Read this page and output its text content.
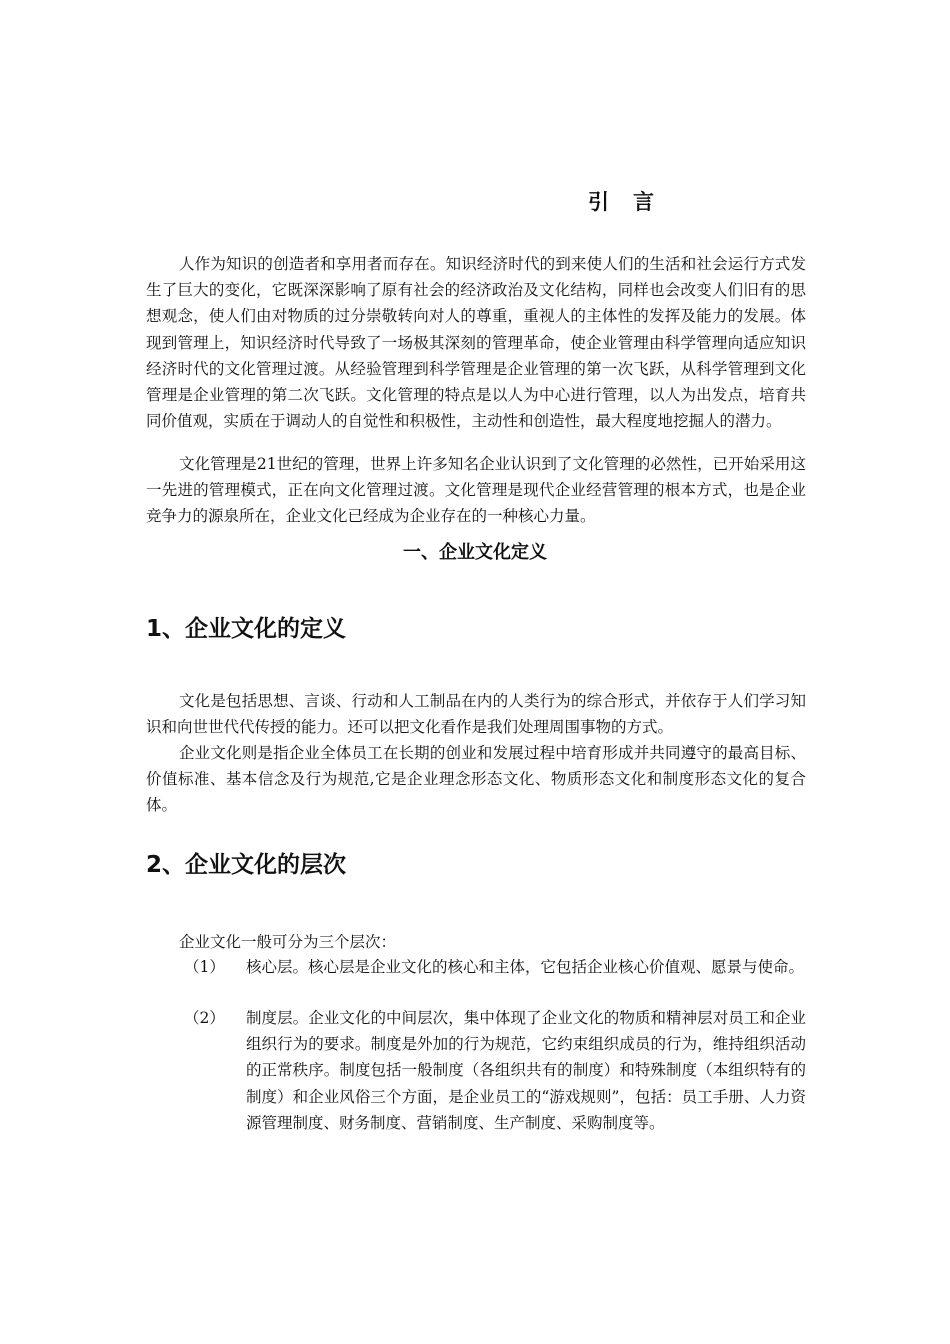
引言

人作为知识的创造者和享用者而存在。知识经济时代的到来使人们的生活和社会运行方式发生了巨大的变化，它既深深影响了原有社会的经济政治及文化结构，同样也会改变人们旧有的思想观念，使人们由对物质的过分崇敬转向对人的尊重，重视人的主体性的发挥及能力的发展。体现到管理上，知识经济时代导致了一场极其深刻的管理革命，使企业管理由科学管理向适应知识经济时代的文化管理过渡。从经验管理到科学管理是企业管理的第一次飞跃，从科学管理到文化管理是企业管理的第二次飞跃。文化管理的特点是以人为中心进行管理，以人为出发点，培育共同价值观，实质在于调动人的自觉性和积极性，主动性和创造性，最大程度地挖掘人的潜力。

文化管理是21世纪的管理，世界上许多知名企业认识到了文化管理的必然性，已开始采用这一先进的管理模式，正在向文化管理过渡。文化管理是现代企业经营管理的根本方式，也是企业竞争力的源泉所在，企业文化已经成为企业存在的一种核心力量。

一、企业文化定义
1、企业文化的定义

文化是包括思想、言谈、行动和人工制品在内的人类行为的综合形式，并依存于人们学习知识和向世世代代传授的能力。还可以把文化看作是我们处理周围事物的方式。

企业文化则是指企业全体员工在长期的创业和发展过程中培育形成并共同遵守的最高目标、价值标准、基本信念及行为规范,它是企业理念形态文化、物质形态文化和制度形态文化的复合体。

2、企业文化的层次

企业文化一般可分为三个层次：

（1） 核心层。核心层是企业文化的核心和主体，它包括企业核心价值观、愿景与使命。

（2） 制度层。企业文化的中间层次，集中体现了企业文化的物质和精神层对员工和企业组织行为的要求。制度是外加的行为规范，它约束组织成员的行为，维持组织活动的正常秩序。制度包括一般制度（各组织共有的制度）和特殊制度（本组织特有的制度）和企业风俗三个方面，是企业员工的“游戏规则”，包括：员工手册、人力资源管理制度、财务制度、营销制度、生产制度、采购制度等。
